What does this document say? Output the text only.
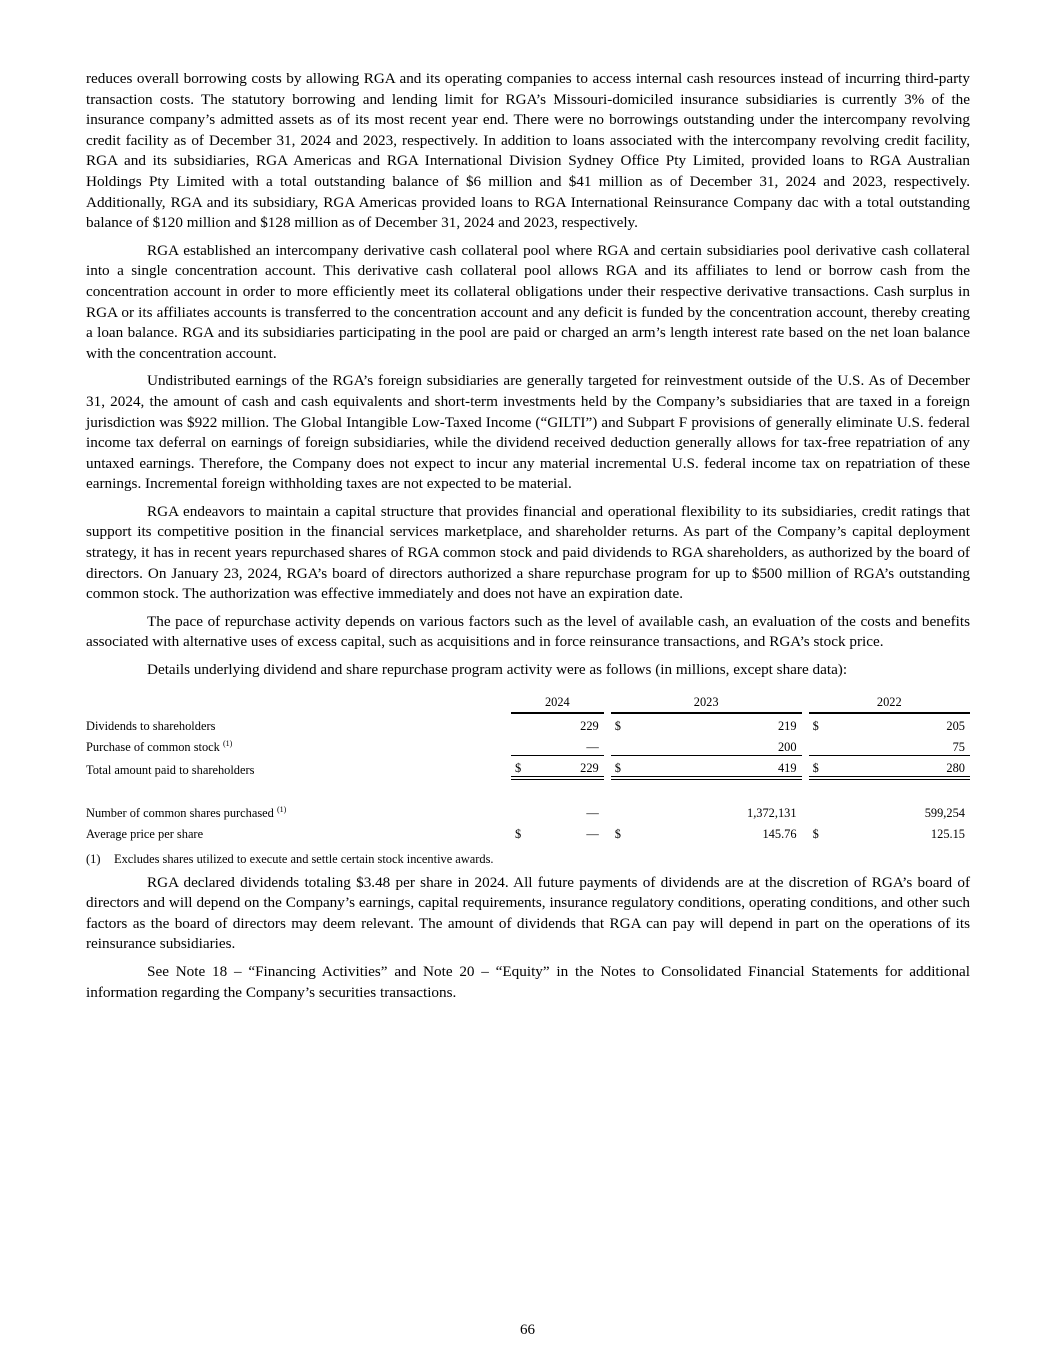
reduces overall borrowing costs by allowing RGA and its operating companies to access internal cash resources instead of incurring third-party transaction costs. The statutory borrowing and lending limit for RGA’s Missouri-domiciled insurance subsidiaries is currently 3% of the insurance company’s admitted assets as of its most recent year end. There were no borrowings outstanding under the intercompany revolving credit facility as of December 31, 2024 and 2023, respectively. In addition to loans associated with the intercompany revolving credit facility, RGA and its subsidiaries, RGA Americas and RGA International Division Sydney Office Pty Limited, provided loans to RGA Australian Holdings Pty Limited with a total outstanding balance of $6 million and $41 million as of December 31, 2024 and 2023, respectively. Additionally, RGA and its subsidiary, RGA Americas provided loans to RGA International Reinsurance Company dac with a total outstanding balance of $120 million and $128 million as of December 31, 2024 and 2023, respectively.

RGA established an intercompany derivative cash collateral pool where RGA and certain subsidiaries pool derivative cash collateral into a single concentration account. This derivative cash collateral pool allows RGA and its affiliates to lend or borrow cash from the concentration account in order to more efficiently meet its collateral obligations under their respective derivative transactions. Cash surplus in RGA or its affiliates accounts is transferred to the concentration account and any deficit is funded by the concentration account, thereby creating a loan balance. RGA and its subsidiaries participating in the pool are paid or charged an arm’s length interest rate based on the net loan balance with the concentration account.

Undistributed earnings of the RGA’s foreign subsidiaries are generally targeted for reinvestment outside of the U.S. As of December 31, 2024, the amount of cash and cash equivalents and short-term investments held by the Company’s subsidiaries that are taxed in a foreign jurisdiction was $922 million. The Global Intangible Low-Taxed Income (“GILTI”) and Subpart F provisions of generally eliminate U.S. federal income tax deferral on earnings of foreign subsidiaries, while the dividend received deduction generally allows for tax-free repatriation of any untaxed earnings. Therefore, the Company does not expect to incur any material incremental U.S. federal income tax on repatriation of these earnings. Incremental foreign withholding taxes are not expected to be material.

RGA endeavors to maintain a capital structure that provides financial and operational flexibility to its subsidiaries, credit ratings that support its competitive position in the financial services marketplace, and shareholder returns. As part of the Company’s capital deployment strategy, it has in recent years repurchased shares of RGA common stock and paid dividends to RGA shareholders, as authorized by the board of directors. On January 23, 2024, RGA’s board of directors authorized a share repurchase program for up to $500 million of RGA’s outstanding common stock. The authorization was effective immediately and does not have an expiration date.

The pace of repurchase activity depends on various factors such as the level of available cash, an evaluation of the costs and benefits associated with alternative uses of excess capital, such as acquisitions and in force reinsurance transactions, and RGA’s stock price.

Details underlying dividend and share repurchase program activity were as follows (in millions, except share data):

	2024			2023			2022	
Dividends to shareholders		229		$	219		$	205
Purchase of common stock $^{(1)}$		—			200			75
Total amount paid to shareholders	$	229		$	419		$	280

Number of common shares purchased $^{(1)}$		—			1,372,131			599,254
Average price per share	$	—		$	145.76		$	125.15
(1) Excludes shares utilized to execute and settle certain stock incentive awards.

RGA declared dividends totaling $3.48 per share in 2024. All future payments of dividends are at the discretion of RGA’s board of directors and will depend on the Company’s earnings, capital requirements, insurance regulatory conditions, operating conditions, and other such factors as the board of directors may deem relevant. The amount of dividends that RGA can pay will depend in part on the operations of its reinsurance subsidiaries.

See Note 18 – “Financing Activities” and Note 20 – “Equity” in the Notes to Consolidated Financial Statements for additional information regarding the Company’s securities transactions.

66
